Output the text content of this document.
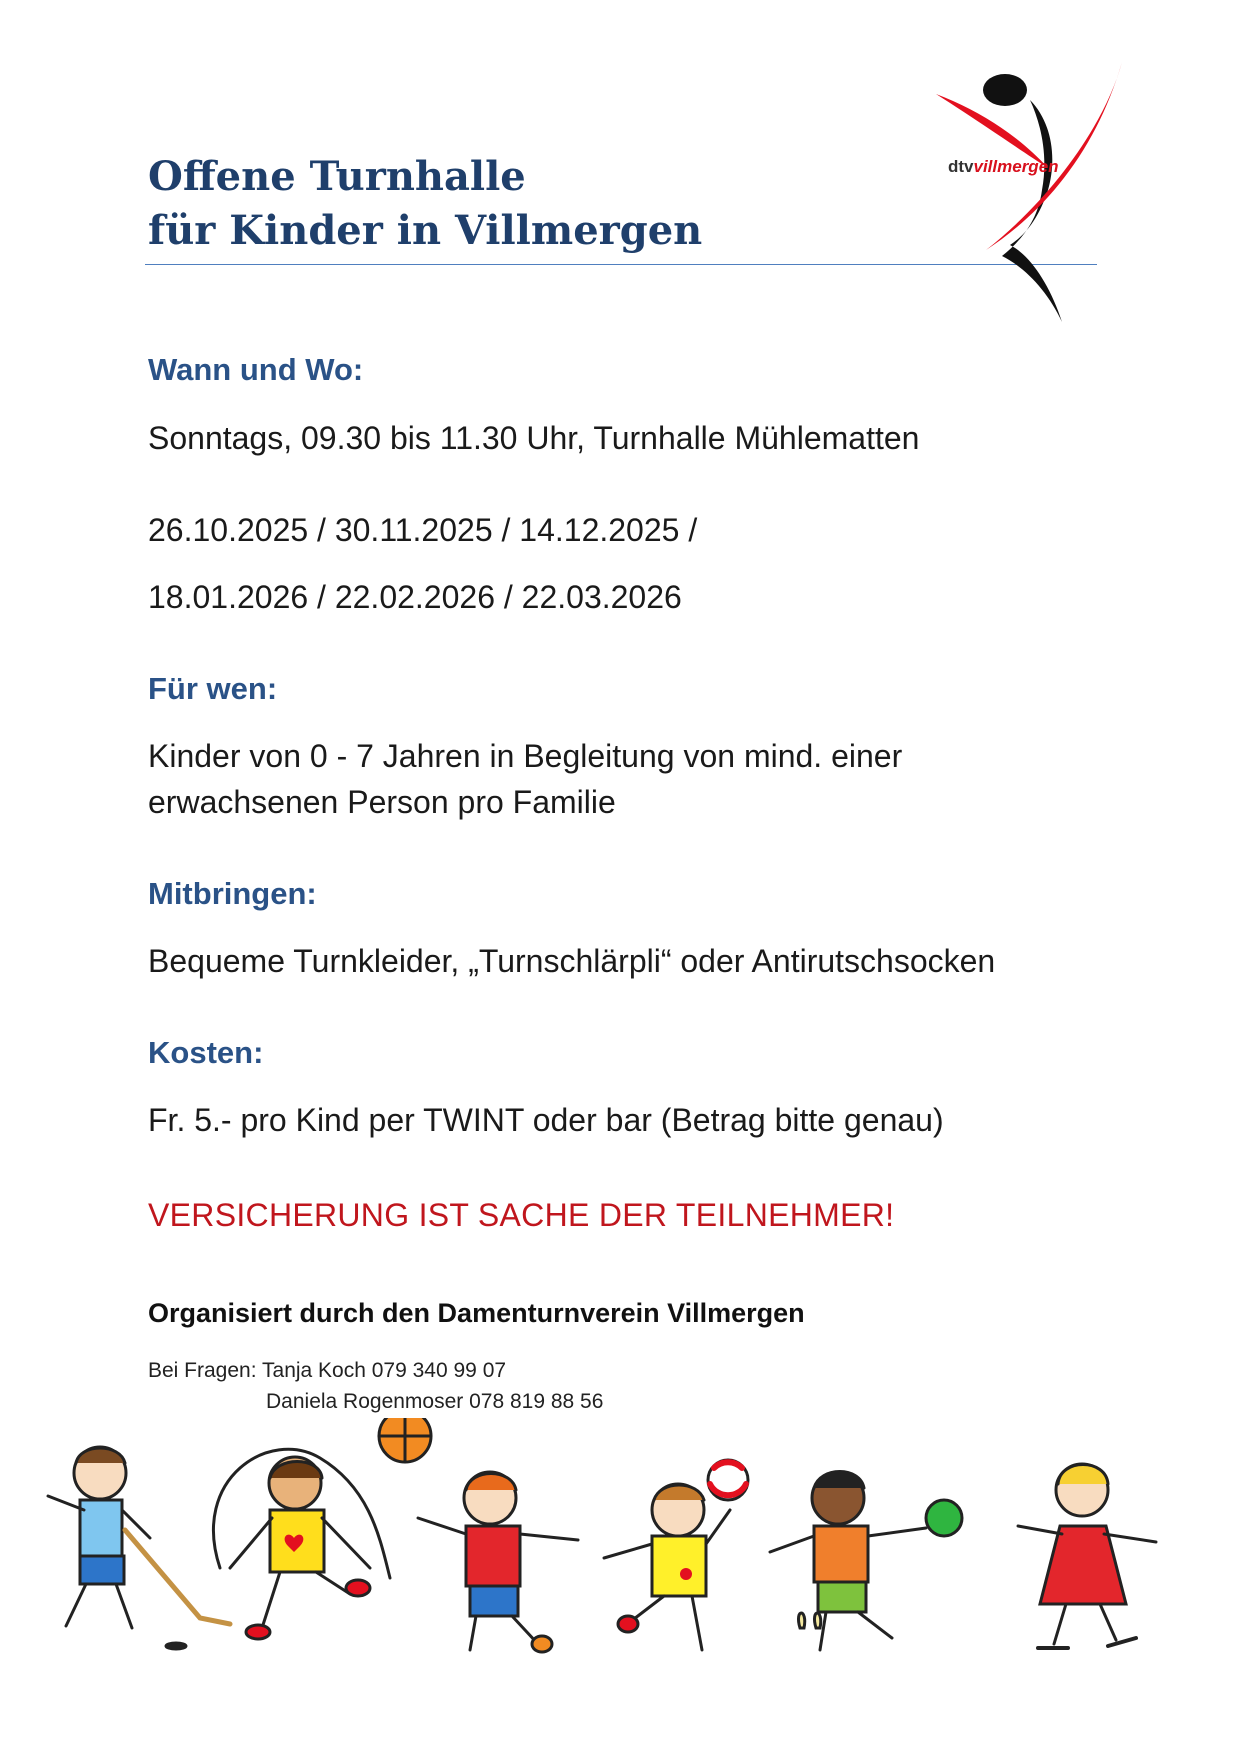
Offene Turnhalle
für Kinder in Villmergen
dtvvillmergen
Wann und Wo:

Sonntags, 09.30 bis 11.30 Uhr, Turnhalle Mühlematten

26.10.2025 / 30.11.2025 / 14.12.2025 /

18.01.2026 / 22.02.2026 / 22.03.2026

Für wen:

Kinder von 0 - 7 Jahren in Begleitung von mind. einer

erwachsenen Person pro Familie

Mitbringen:

Bequeme Turnkleider, „Turnschlärpli“ oder Antirutschsocken

Kosten:

Fr. 5.- pro Kind per TWINT oder bar (Betrag bitte genau)

VERSICHERUNG IST SACHE DER TEILNEHMER!

Organisiert durch den Damenturnverein Villmergen

Bei Fragen: Tanja Koch 079 340 99 07
Daniela Rogenmoser 078 819 88 56
